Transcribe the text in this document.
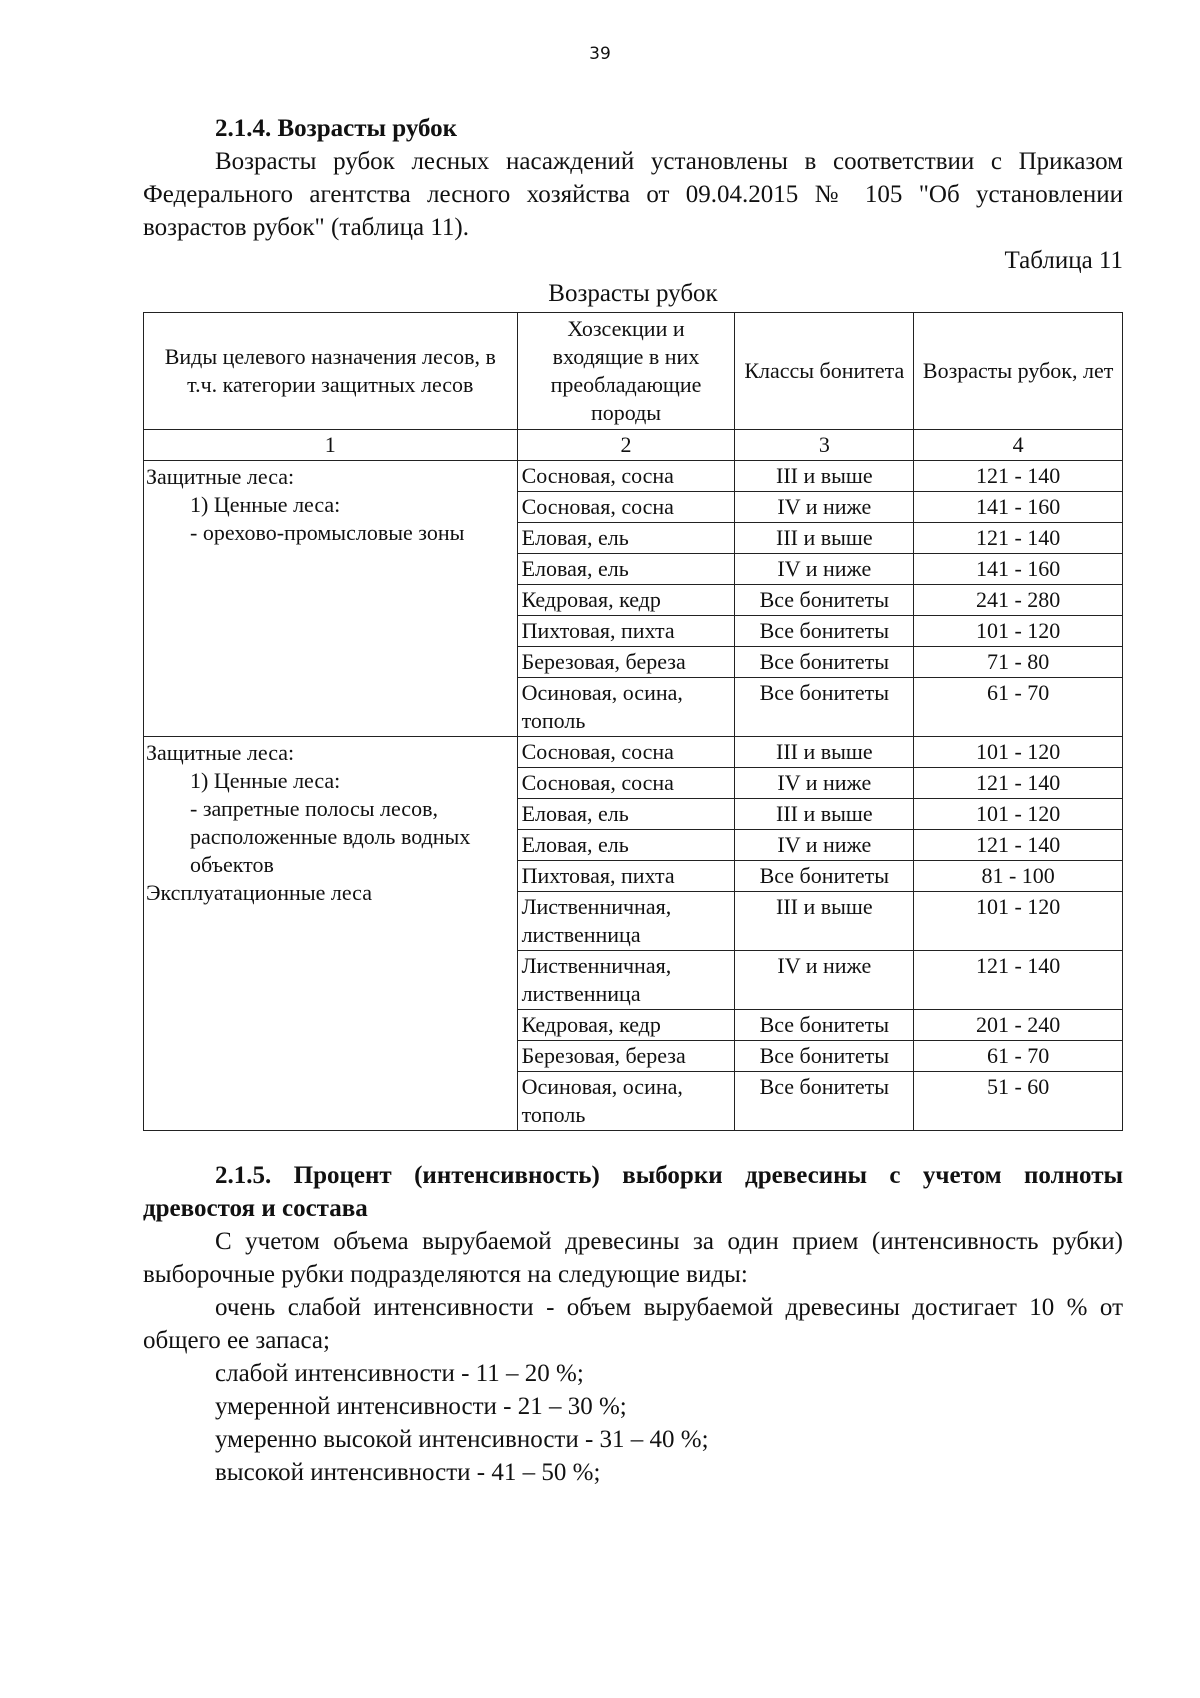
39

2.1.4. Возрасты рубок

Возрасты рубок лесных насаждений установлены в соответствии с Приказом Федерального агентства лесного хозяйства от 09.04.2015 № 105 "Об установлении возрастов рубок" (таблица 11).

Таблица 11

Возрасты рубок

Виды целевого назначения лесов, в т.ч. категории защитных лесов	Хозсекции и входящие в них преобладающие породы	Классы бонитета	Возрасты рубок, лет
1	2	3	4

Защитные леса:
1) Ценные леса:
- орехово-промысловые зоны	Сосновая, сосна	III и выше	121 - 140
	Сосновая, сосна	IV и ниже	141 - 160
	Еловая, ель	III и выше	121 - 140
	Еловая, ель	IV и ниже	141 - 160
	Кедровая, кедр	Все бонитеты	241 - 280
	Пихтовая, пихта	Все бонитеты	101 - 120
	Березовая, береза	Все бонитеты	71 - 80
	Осиновая, осина, тополь	Все бонитеты	61 - 70

Защитные леса:
1) Ценные леса:
- запретные полосы лесов, расположенные вдоль водных объектов
Эксплуатационные леса	Сосновая, сосна	III и выше	101 - 120
	Сосновая, сосна	IV и ниже	121 - 140
	Еловая, ель	III и выше	101 - 120
	Еловая, ель	IV и ниже	121 - 140
	Пихтовая, пихта	Все бонитеты	81 - 100
	Лиственничная, лиственница	III и выше	101 - 120
	Лиственничная, лиственница	IV и ниже	121 - 140
	Кедровая, кедр	Все бонитеты	201 - 240
	Березовая, береза	Все бонитеты	61 - 70
	Осиновая, осина, тополь	Все бонитеты	51 - 60

2.1.5. Процент (интенсивность) выборки древесины с учетом полноты древостоя и состава

С учетом объема вырубаемой древесины за один прием (интенсивность рубки) выборочные рубки подразделяются на следующие виды:

очень слабой интенсивности - объем вырубаемой древесины достигает 10 % от общего ее запаса;

слабой интенсивности - 11 – 20 %;

умеренной интенсивности - 21 – 30 %;

умеренно высокой интенсивности - 31 – 40 %;

высокой интенсивности - 41 – 50 %;
